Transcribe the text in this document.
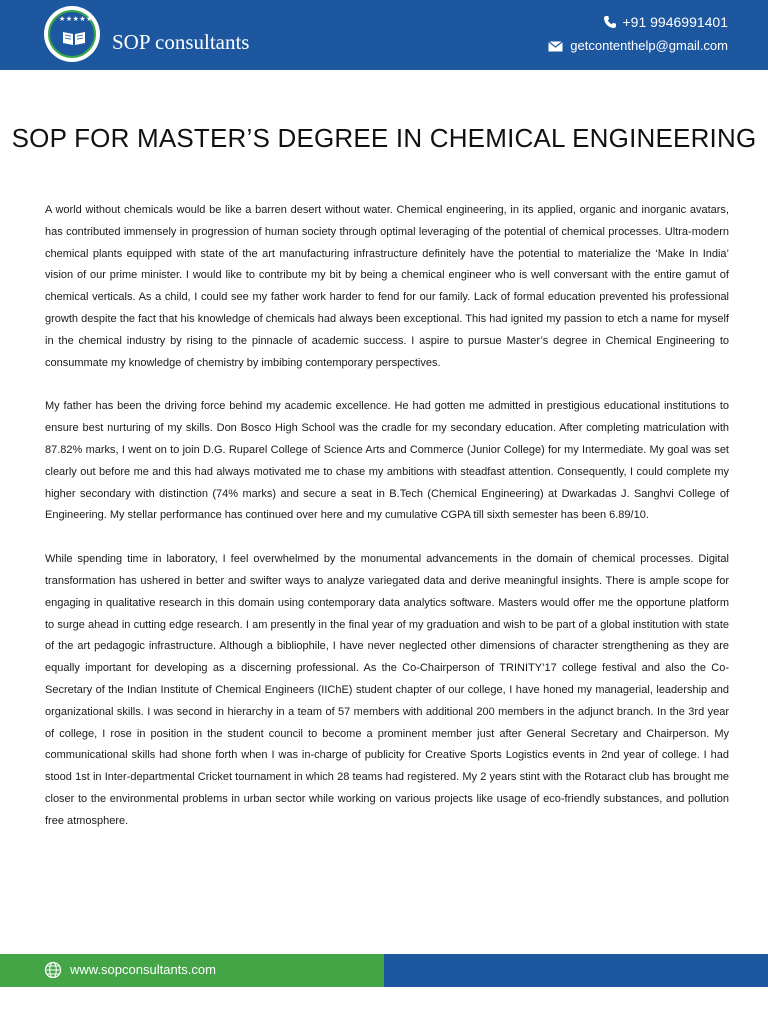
★★★★★
SOP consultants
+91 9946991401
getcontenthelp@gmail.com
SOP FOR MASTER’S DEGREE IN CHEMICAL ENGINEERING

A world without chemicals would be like a barren desert without water. Chemical engineering, in its applied, organic and inorganic avatars, has contributed immensely in progression of human society through optimal leveraging of the potential of chemical processes. Ultra-modern chemical plants equipped with state of the art manufacturing infrastructure definitely have the potential to materialize the ‘Make In India’ vision of our prime minister. I would like to contribute my bit by being a chemical engineer who is well conversant with the entire gamut of chemical verticals. As a child, I could see my father work harder to fend for our family. Lack of formal education prevented his professional growth despite the fact that his knowledge of chemicals had always been exceptional. This had ignited my passion to etch a name for myself in the chemical industry by rising to the pinnacle of academic success. I aspire to pursue Master’s degree in Chemical Engineering to consummate my knowledge of chemistry by imbibing contemporary perspectives.

My father has been the driving force behind my academic excellence. He had gotten me admitted in prestigious educational institutions to ensure best nurturing of my skills. Don Bosco High School was the cradle for my secondary education. After completing matriculation with 87.82% marks, I went on to join D.G. Ruparel College of Science Arts and Commerce (Junior College) for my Intermediate. My goal was set clearly out before me and this had always motivated me to chase my ambitions with steadfast attention. Consequently, I could complete my higher secondary with distinction (74% marks) and secure a seat in B.Tech (Chemical Engineering) at Dwarkadas J. Sanghvi College of Engineering. My stellar performance has continued over here and my cumulative CGPA till sixth semester has been 6.89/10.

While spending time in laboratory, I feel overwhelmed by the monumental advancements in the domain of chemical processes. Digital transformation has ushered in better and swifter ways to analyze variegated data and derive meaningful insights. There is ample scope for engaging in qualitative research in this domain using contemporary data analytics software. Masters would offer me the opportune platform to surge ahead in cutting edge research. I am presently in the final year of my graduation and wish to be part of a global institution with state of the art pedagogic infrastructure. Although a bibliophile, I have never neglected other dimensions of character strengthening as they are equally important for developing as a discerning professional. As the Co-Chairperson of TRINITY’17 college festival and also the Co-Secretary of the Indian Institute of Chemical Engineers (IIChE) student chapter of our college, I have honed my managerial, leadership and organizational skills. I was second in hierarchy in a team of 57 members with additional 200 members in the adjunct branch. In the 3rd year of college, I rose in position in the student council to become a prominent member just after General Secretary and Chairperson. My communicational skills had shone forth when I was in-charge of publicity for Creative Sports Logistics events in 2nd year of college. I had stood 1st in Inter-departmental Cricket tournament in which 28 teams had registered. My 2 years stint with the Rotaract club has brought me closer to the environmental problems in urban sector while working on various projects like usage of eco-friendly substances, and pollution free atmosphere.

www.sopconsultants.com
